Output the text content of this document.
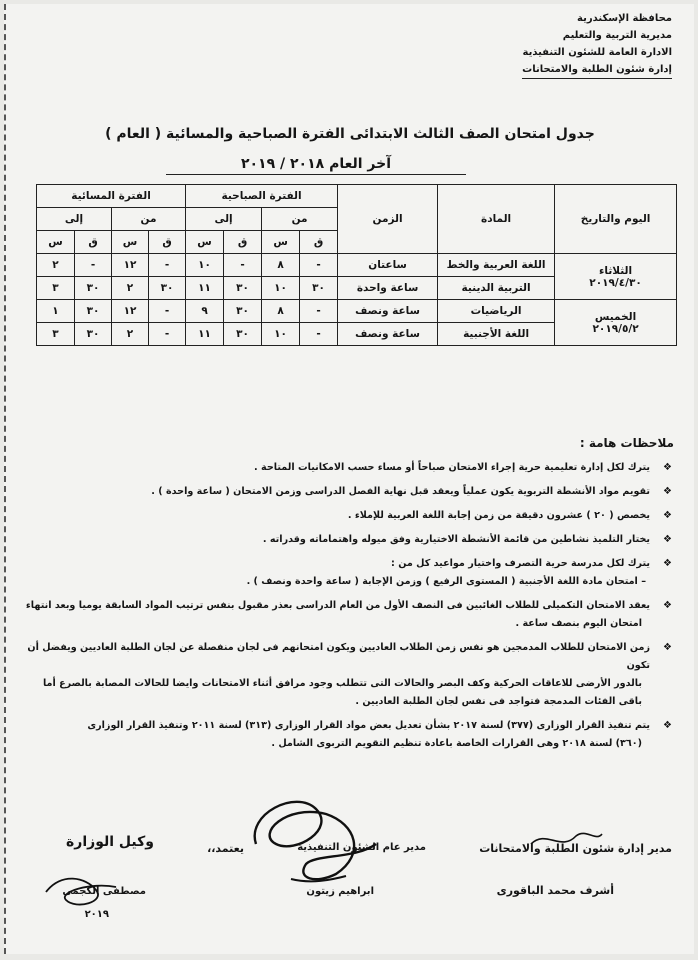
محافظة الإسكندرية
مديرية التربية والتعليم
الادارة العامة للشئون التنفيذية
إدارة شئون الطلبة والامتحانات
جدول امتحان الصف الثالث الابتدائى الفترة الصباحية والمسائية ( العام )
آخر العام ٢٠١٨ / ٢٠١٩
اليوم والتاريخ	المادة	الزمن	الفترة الصباحية				الفترة المسائية			
			من		إلى		من		إلى	
			ق	س	ق	س	ق	س	ق	س

الثلاثاء
٢٠١٩/٤/٣٠	اللغة العربية والخط	ساعتان	-	٨	-	١٠	-	١٢	-	٢
	التربية الدينية	ساعة واحدة	٣٠	١٠	٣٠	١١	٣٠	٢	٣٠	٣

الخميس
٢٠١٩/٥/٢	الرياضيات	ساعة ونصف	-	٨	٣٠	٩	-	١٢	٣٠	١
	اللغة الأجنبية	ساعة ونصف	-	١٠	٣٠	١١	-	٢	٣٠	٣
ملاحظات هامة :
❖
يترك لكل إدارة تعليمية حرية إجراء الامتحان صباحاً أو مساء حسب الامكانيات المتاحة .
❖
تقويم مواد الأنشطة التربوية يكون عملياً ويعقد قبل نهاية الفصل الدراسى وزمن الامتحان ( ساعة واحدة ) .
❖
يخصص ( ٢٠ ) عشرون دقيقة من زمن إجابة اللغة العربية للإملاء .
❖
يختار التلميذ نشاطين من قائمة الأنشطة الاختيارية وفق ميوله واهتماماته وقدراته .
❖
يترك لكل مدرسة حرية التصرف واختيار مواعيد كل من :
– امتحان مادة اللغة الأجنبية ( المستوى الرفيع ) وزمن الإجابة ( ساعة واحدة ونصف ) .
❖
يعقد الامتحان التكميلى للطلاب الغائبين فى النصف الأول من العام الدراسى بعذر مقبول بنفس ترتيب المواد السابقة يوميا وبعد انتهاء
امتحان اليوم بنصف ساعة .
❖
زمن الامتحان للطلاب المدمجين هو نفس زمن الطلاب العاديين ويكون امتحانهم فى لجان منفصلة عن لجان الطلبة العاديين ويفضل أن تكون
بالدور الأرضى للاعاقات الحركية وكف البصر والحالات التى تتطلب وجود مرافق أثناء الامتحانات وايضا للحالات المصابة بالصرع أما
باقى الفئات المدمجة فتواجد فى نفس لجان الطلبة العاديين .
❖
يتم تنفيذ القرار الوزارى (٣٧٧) لسنة ٢٠١٧ بشأن تعديل بعض مواد القرار الوزارى (٣١٣) لسنة ٢٠١١ وتنفيذ القرار الوزارى
(٣٦٠) لسنة ٢٠١٨ وهى القرارات الخاصة باعادة تنظيم التقويم التربوى الشامل .
مدير إدارة شئون الطلبة والامتحانات
أشرف محمد الباقورى
مدير عام الشئون التنفيذية
ابراهيم زيتون
يعتمد،،
وكيل الوزارة
مصطفى الكجمى
٢٠١٩
